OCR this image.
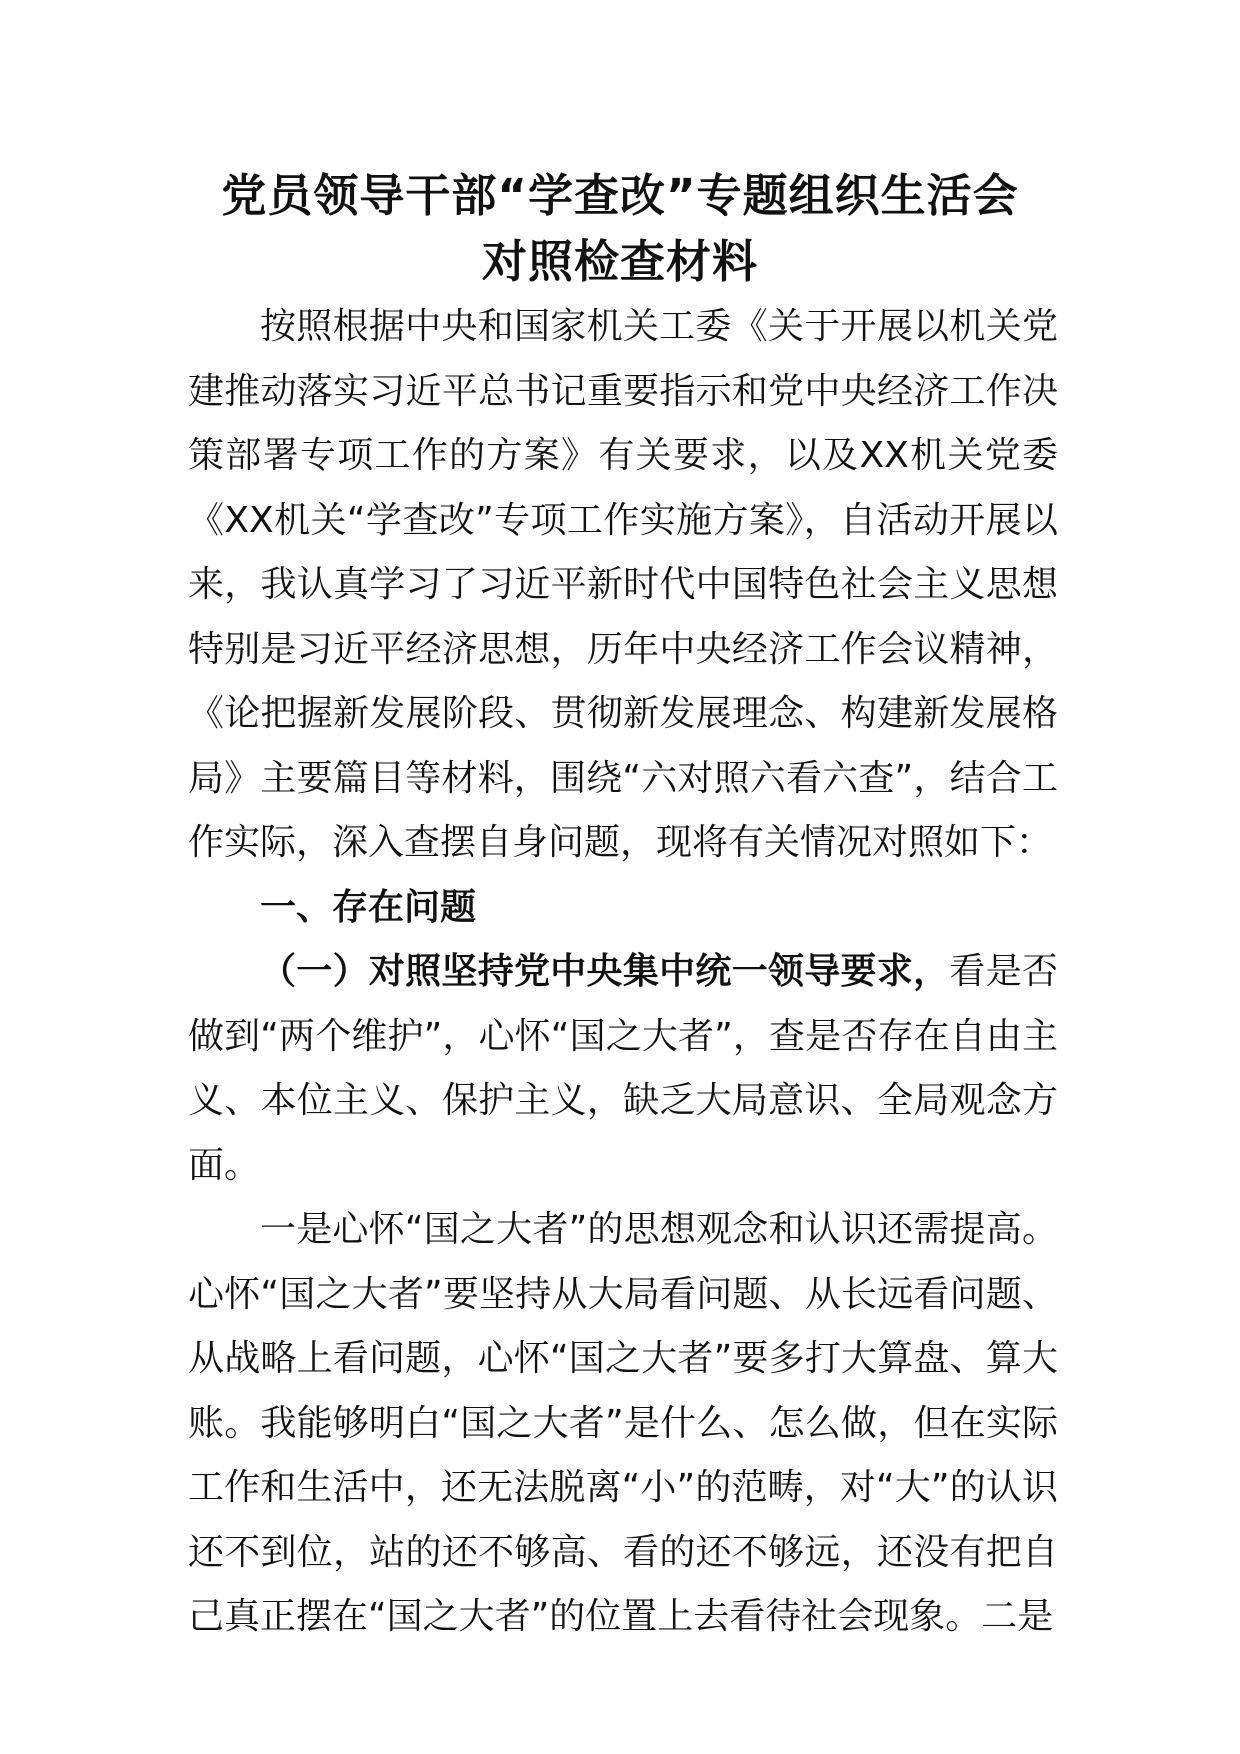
党员领导干部“学查改”专题组织生活会
对照检查材料

按照根据中央和国家机关工委《关于开展以机关党建推动落实习近平总书记重要指示和党中央经济工作决策部署专项工作的方案》有关要求，以及XX机关党委《XX机关“学查改”专项工作实施方案》，自活动开展以来，我认真学习了习近平新时代中国特色社会主义思想特别是习近平经济思想，历年中央经济工作会议精神，《论把握新发展阶段、贯彻新发展理念、构建新发展格局》主要篇目等材料，围绕“六对照六看六查”，结合工作实际，深入查摆自身问题，现将有关情况对照如下：

一、存在问题

（一）对照坚持党中央集中统一领导要求，看是否做到“两个维护”，心怀“国之大者”，查是否存在自由主义、本位主义、保护主义，缺乏大局意识、全局观念方面。

一是心怀“国之大者”的思想观念和认识还需提高。心怀“国之大者”要坚持从大局看问题、从长远看问题、从战略上看问题，心怀“国之大者”要多打大算盘、算大账。我能够明白“国之大者”是什么、怎么做，但在实际工作和生活中，还无法脱离“小”的范畴，对“大”的认识还不到位，站的还不够高、看的还不够远，还没有把自己真正摆在“国之大者”的位置上去看待社会现象。二是
